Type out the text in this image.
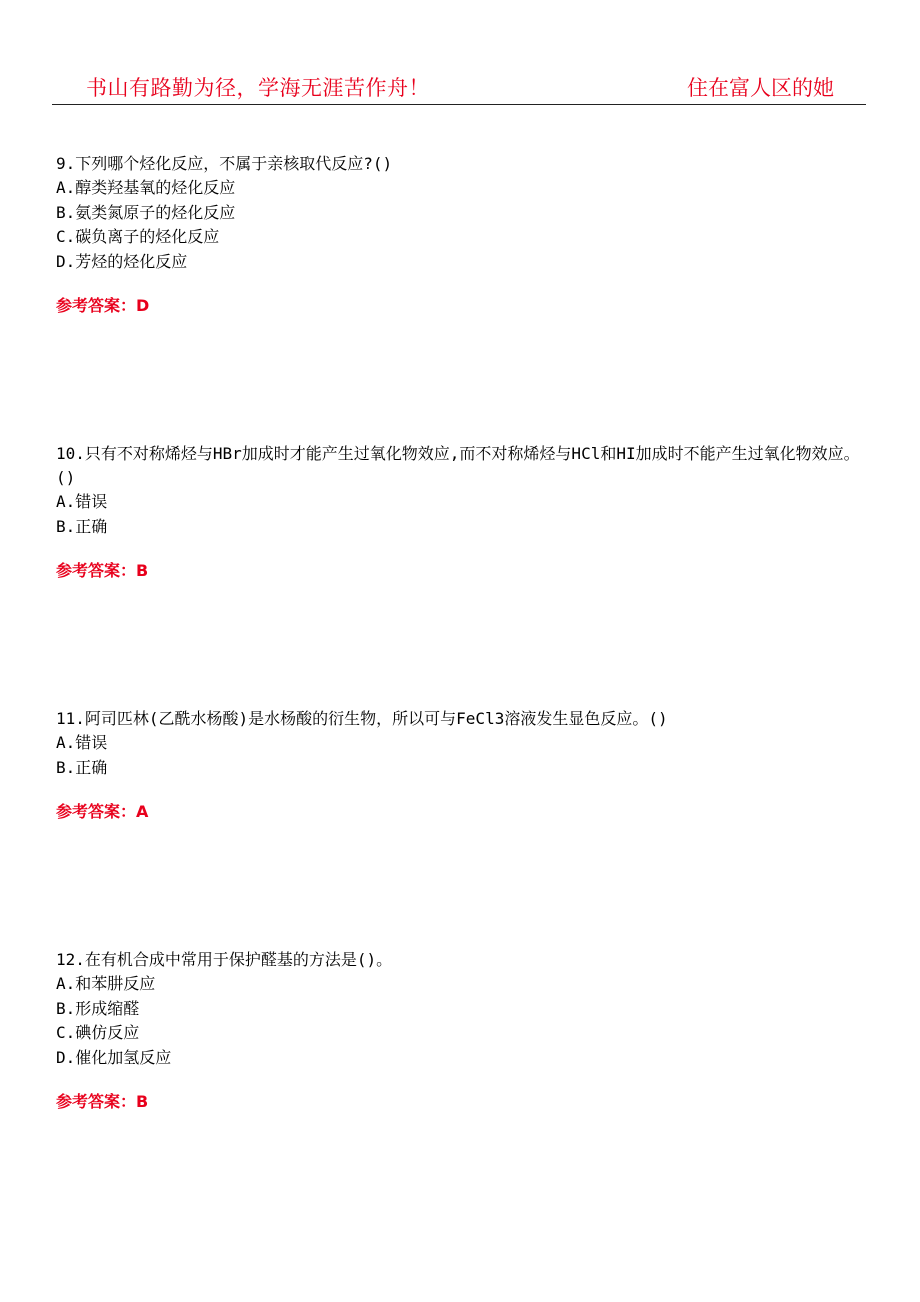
书山有路勤为径，学海无涯苦作舟！	住在富人区的她

9.下列哪个烃化反应，不属于亲核取代反应?()

A.醇类羟基氧的烃化反应

B.氨类氮原子的烃化反应

C.碳负离子的烃化反应

D.芳烃的烃化反应

参考答案：D

10.只有不对称烯烃与HBr加成时才能产生过氧化物效应,而不对称烯烃与HCl和HI加成时不能产生过氧化物效应。()

A.错误

B.正确

参考答案：B

11.阿司匹林(乙酰水杨酸)是水杨酸的衍生物，所以可与FeCl3溶液发生显色反应。()

A.错误

B.正确

参考答案：A

12.在有机合成中常用于保护醛基的方法是()。

A.和苯肼反应

B.形成缩醛

C.碘仿反应

D.催化加氢反应

参考答案：B
